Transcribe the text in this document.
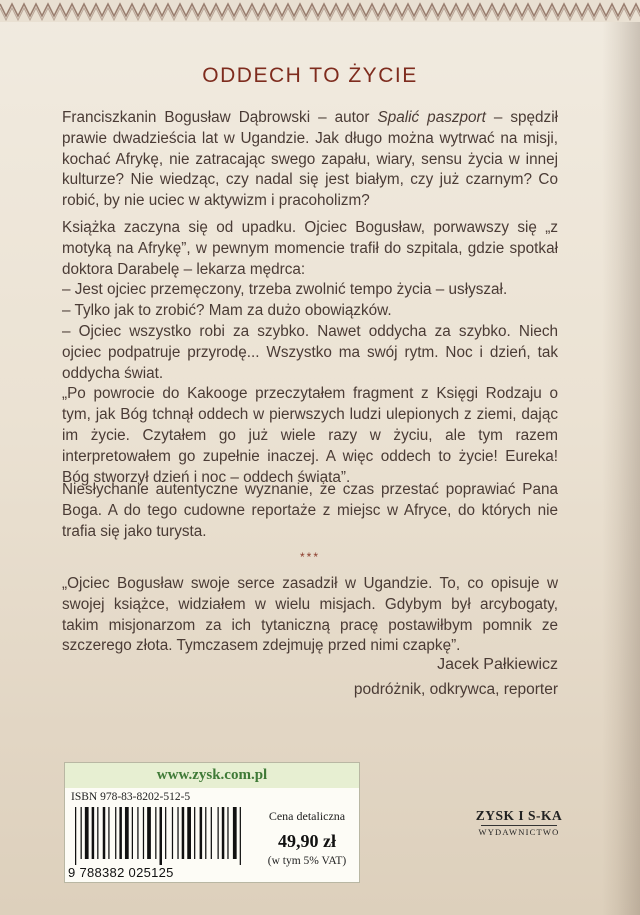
ODDECH TO ŻYCIE

Franciszkanin Bogusław Dąbrowski – autor Spalić paszport – spędził prawie dwadzieścia lat w Ugandzie. Jak długo można wytrwać na misji, kochać Afrykę, nie zatracając swego zapału, wiary, sensu życia w innej kulturze? Nie wiedząc, czy nadal się jest białym, czy już czarnym? Co robić, by nie uciec w aktywizm i pracoholizm?

Książka zaczyna się od upadku. Ojciec Bogusław, porwawszy się „z motyką na Afrykę”, w pewnym momencie trafił do szpitala, gdzie spotkał doktora Darabelę – lekarza mędrca:

– Jest ojciec przemęczony, trzeba zwolnić tempo życia – usłyszał.

– Tylko jak to zrobić? Mam za dużo obowiązków.

– Ojciec wszystko robi za szybko. Nawet oddycha za szybko. Niech ojciec podpatruje przyrodę... Wszystko ma swój rytm. Noc i dzień, tak oddycha świat.

„Po powrocie do Kakooge przeczytałem fragment z Księgi Rodzaju o tym, jak Bóg tchnął oddech w pierwszych ludzi ulepionych z ziemi, dając im życie. Czytałem go już wiele razy w życiu, ale tym razem interpretowałem go zupełnie inaczej. A więc oddech to życie! Eureka! Bóg stworzył dzień i noc – oddech świata”.

Niesłychanie autentyczne wyznanie, że czas przestać poprawiać Pana Boga. A do tego cudowne reportaże z miejsc w Afryce, do których nie trafia się jako turysta.

***
„Ojciec Bogusław swoje serce zasadził w Ugandzie. To, co opisuje w swojej książce, widziałem w wielu misjach. Gdybym był arcybogaty, takim misjonarzom za ich tytaniczną pracę postawiłbym pomnik ze szczerego złota. Tymczasem zdejmuję przed nimi czapkę”.
Jacek Pałkiewicz
podróżnik, odkrywca, reporter
www.zysk.com.pl
ISBN 978-83-8202-512-5
9 788382 025125
Cena detaliczna
49,90 zł
(w tym 5% VAT)
ZYSK I S-KA
WYDAWNICTWO
